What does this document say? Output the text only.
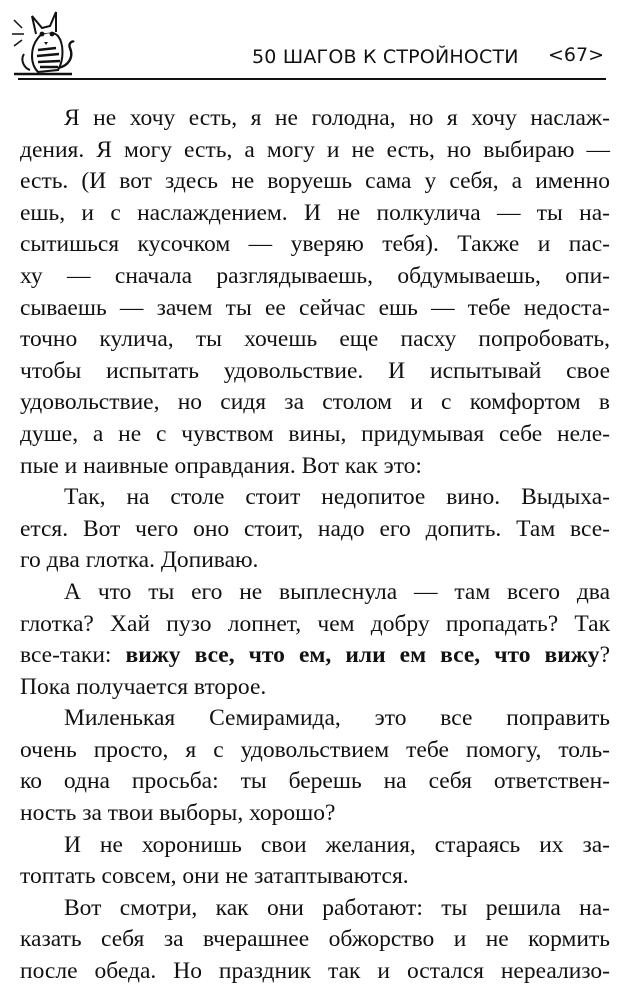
50 ШАГОВ К СТРОЙНОСТИ <67>
Я не хочу есть, я не голодна, но я хочу наслаж-
дения. Я могу есть, а могу и не есть, но выбираю —
есть. (И вот здесь не воруешь сама у себя, а именно
ешь, и с наслаждением. И не полкулича — ты на-
сытишься кусочком — уверяю тебя). Также и пас-
ху — сначала разглядываешь, обдумываешь, опи-
сываешь — зачем ты ее сейчас ешь — тебе недоста-
точно кулича, ты хочешь еще пасху попробовать,
чтобы испытать удовольствие. И испытывай свое
удовольствие, но сидя за столом и с комфортом в
душе, а не с чувством вины, придумывая себе неле-
пые и наивные оправдания. Вот как это:
Так, на столе стоит недопитое вино. Выдыха-
ется. Вот чего оно стоит, надо его допить. Там все-
го два глотка. Допиваю.
А что ты его не выплеснула — там всего два
глотка? Хай пузо лопнет, чем добру пропадать? Так
все-таки: вижу все, что ем, или ем все, что вижу?
Пока получается второе.
Миленькая Семирамида, это все поправить
очень просто, я с удовольствием тебе помогу, толь-
ко одна просьба: ты берешь на себя ответствен-
ность за твои выборы, хорошо?
И не хоронишь свои желания, стараясь их за-
топтать совсем, они не затаптываются.
Вот смотри, как они работают: ты решила на-
казать себя за вчерашнее обжорство и не кормить
после обеда. Но праздник так и остался нереализо-
